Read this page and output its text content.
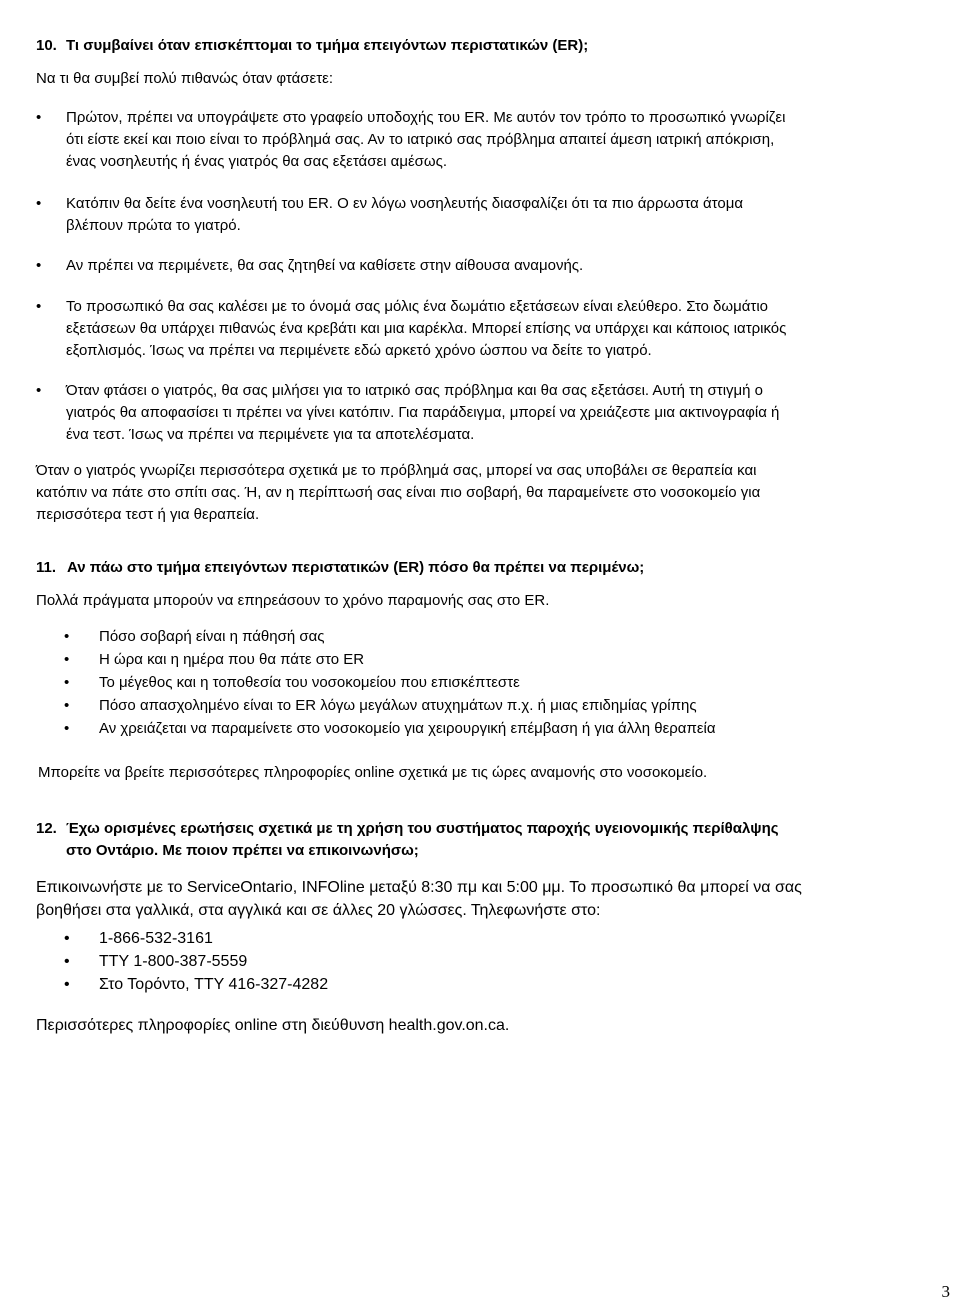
10. Τι συμβαίνει όταν επισκέπτομαι το τμήμα επειγόντων περιστατικών (ER);
Να τι θα συμβεί πολύ πιθανώς όταν φτάσετε:
•	Πρώτον, πρέπει να υπογράψετε στο γραφείο υποδοχής του ER. Με αυτόν τον τρόπο το προσωπικό γνωρίζει
ότι είστε εκεί και ποιο είναι το πρόβλημά σας. Αν το ιατρικό σας πρόβλημα απαιτεί άμεση ιατρική απόκριση,
ένας νοσηλευτής ή ένας γιατρός θα σας εξετάσει αμέσως.
•	Κατόπιν θα δείτε ένα νοσηλευτή του ER. Ο εν λόγω νοσηλευτής διασφαλίζει ότι τα πιο άρρωστα άτομα
βλέπουν πρώτα το γιατρό.
•	Αν πρέπει να περιμένετε, θα σας ζητηθεί να καθίσετε στην αίθουσα αναμονής.
•	Το προσωπικό θα σας καλέσει με το όνομά σας μόλις ένα δωμάτιο εξετάσεων είναι ελεύθερο. Στο δωμάτιο
εξετάσεων θα υπάρχει πιθανώς ένα κρεβάτι και μια καρέκλα. Μπορεί επίσης να υπάρχει και κάποιος ιατρικός
εξοπλισμός. Ίσως να πρέπει να περιμένετε εδώ αρκετό χρόνο ώσπου να δείτε το γιατρό.
•	Όταν φτάσει ο γιατρός, θα σας μιλήσει για το ιατρικό σας πρόβλημα και θα σας εξετάσει. Αυτή τη στιγμή ο
γιατρός θα αποφασίσει τι πρέπει να γίνει κατόπιν. Για παράδειγμα, μπορεί να χρειάζεστε μια ακτινογραφία ή
ένα τεστ. Ίσως να πρέπει να περιμένετε για τα αποτελέσματα.
Όταν ο γιατρός γνωρίζει περισσότερα σχετικά με το πρόβλημά σας, μπορεί να σας υποβάλει σε θεραπεία και
κατόπιν να πάτε στο σπίτι σας. Ή, αν η περίπτωσή σας είναι πιο σοβαρή, θα παραμείνετε στο νοσοκομείο για
περισσότερα τεστ ή για θεραπεία.
11. Αν πάω στο τμήμα επειγόντων περιστατικών (ER) πόσο θα πρέπει να περιμένω;
Πολλά πράγματα μπορούν να επηρεάσουν το χρόνο παραμονής σας στο ER.
•	Πόσο σοβαρή είναι η πάθησή σας
•	Η ώρα και η ημέρα που θα πάτε στο ER
•	Το μέγεθος και η τοποθεσία του νοσοκομείου που επισκέπτεστε
•	Πόσο απασχολημένο είναι το ER λόγω μεγάλων ατυχημάτων π.χ. ή μιας επιδημίας γρίπης
•	Αν χρειάζεται να παραμείνετε στο νοσοκομείο για χειρουργική επέμβαση ή για άλλη θεραπεία
Μπορείτε να βρείτε περισσότερες πληροφορίες online σχετικά με τις ώρες αναμονής στο νοσοκομείο.
12. Έχω ορισμένες ερωτήσεις σχετικά με τη χρήση του συστήματος παροχής υγειονομικής περίθαλψης
στο Οντάριο. Με ποιον πρέπει να επικοινωνήσω;
Επικοινωνήστε με το ServiceOntario, INFOline μεταξύ 8:30 πμ και 5:00 μμ. Το προσωπικό θα μπορεί να σας
βοηθήσει στα γαλλικά, στα αγγλικά και σε άλλες 20 γλώσσες. Τηλεφωνήστε στο:
•	1-866-532-3161
•	TTY 1-800-387-5559
•	Στο Τορόντο, TTY 416-327-4282
Περισσότερες πληροφορίες online στη διεύθυνση health.gov.on.ca.
3
